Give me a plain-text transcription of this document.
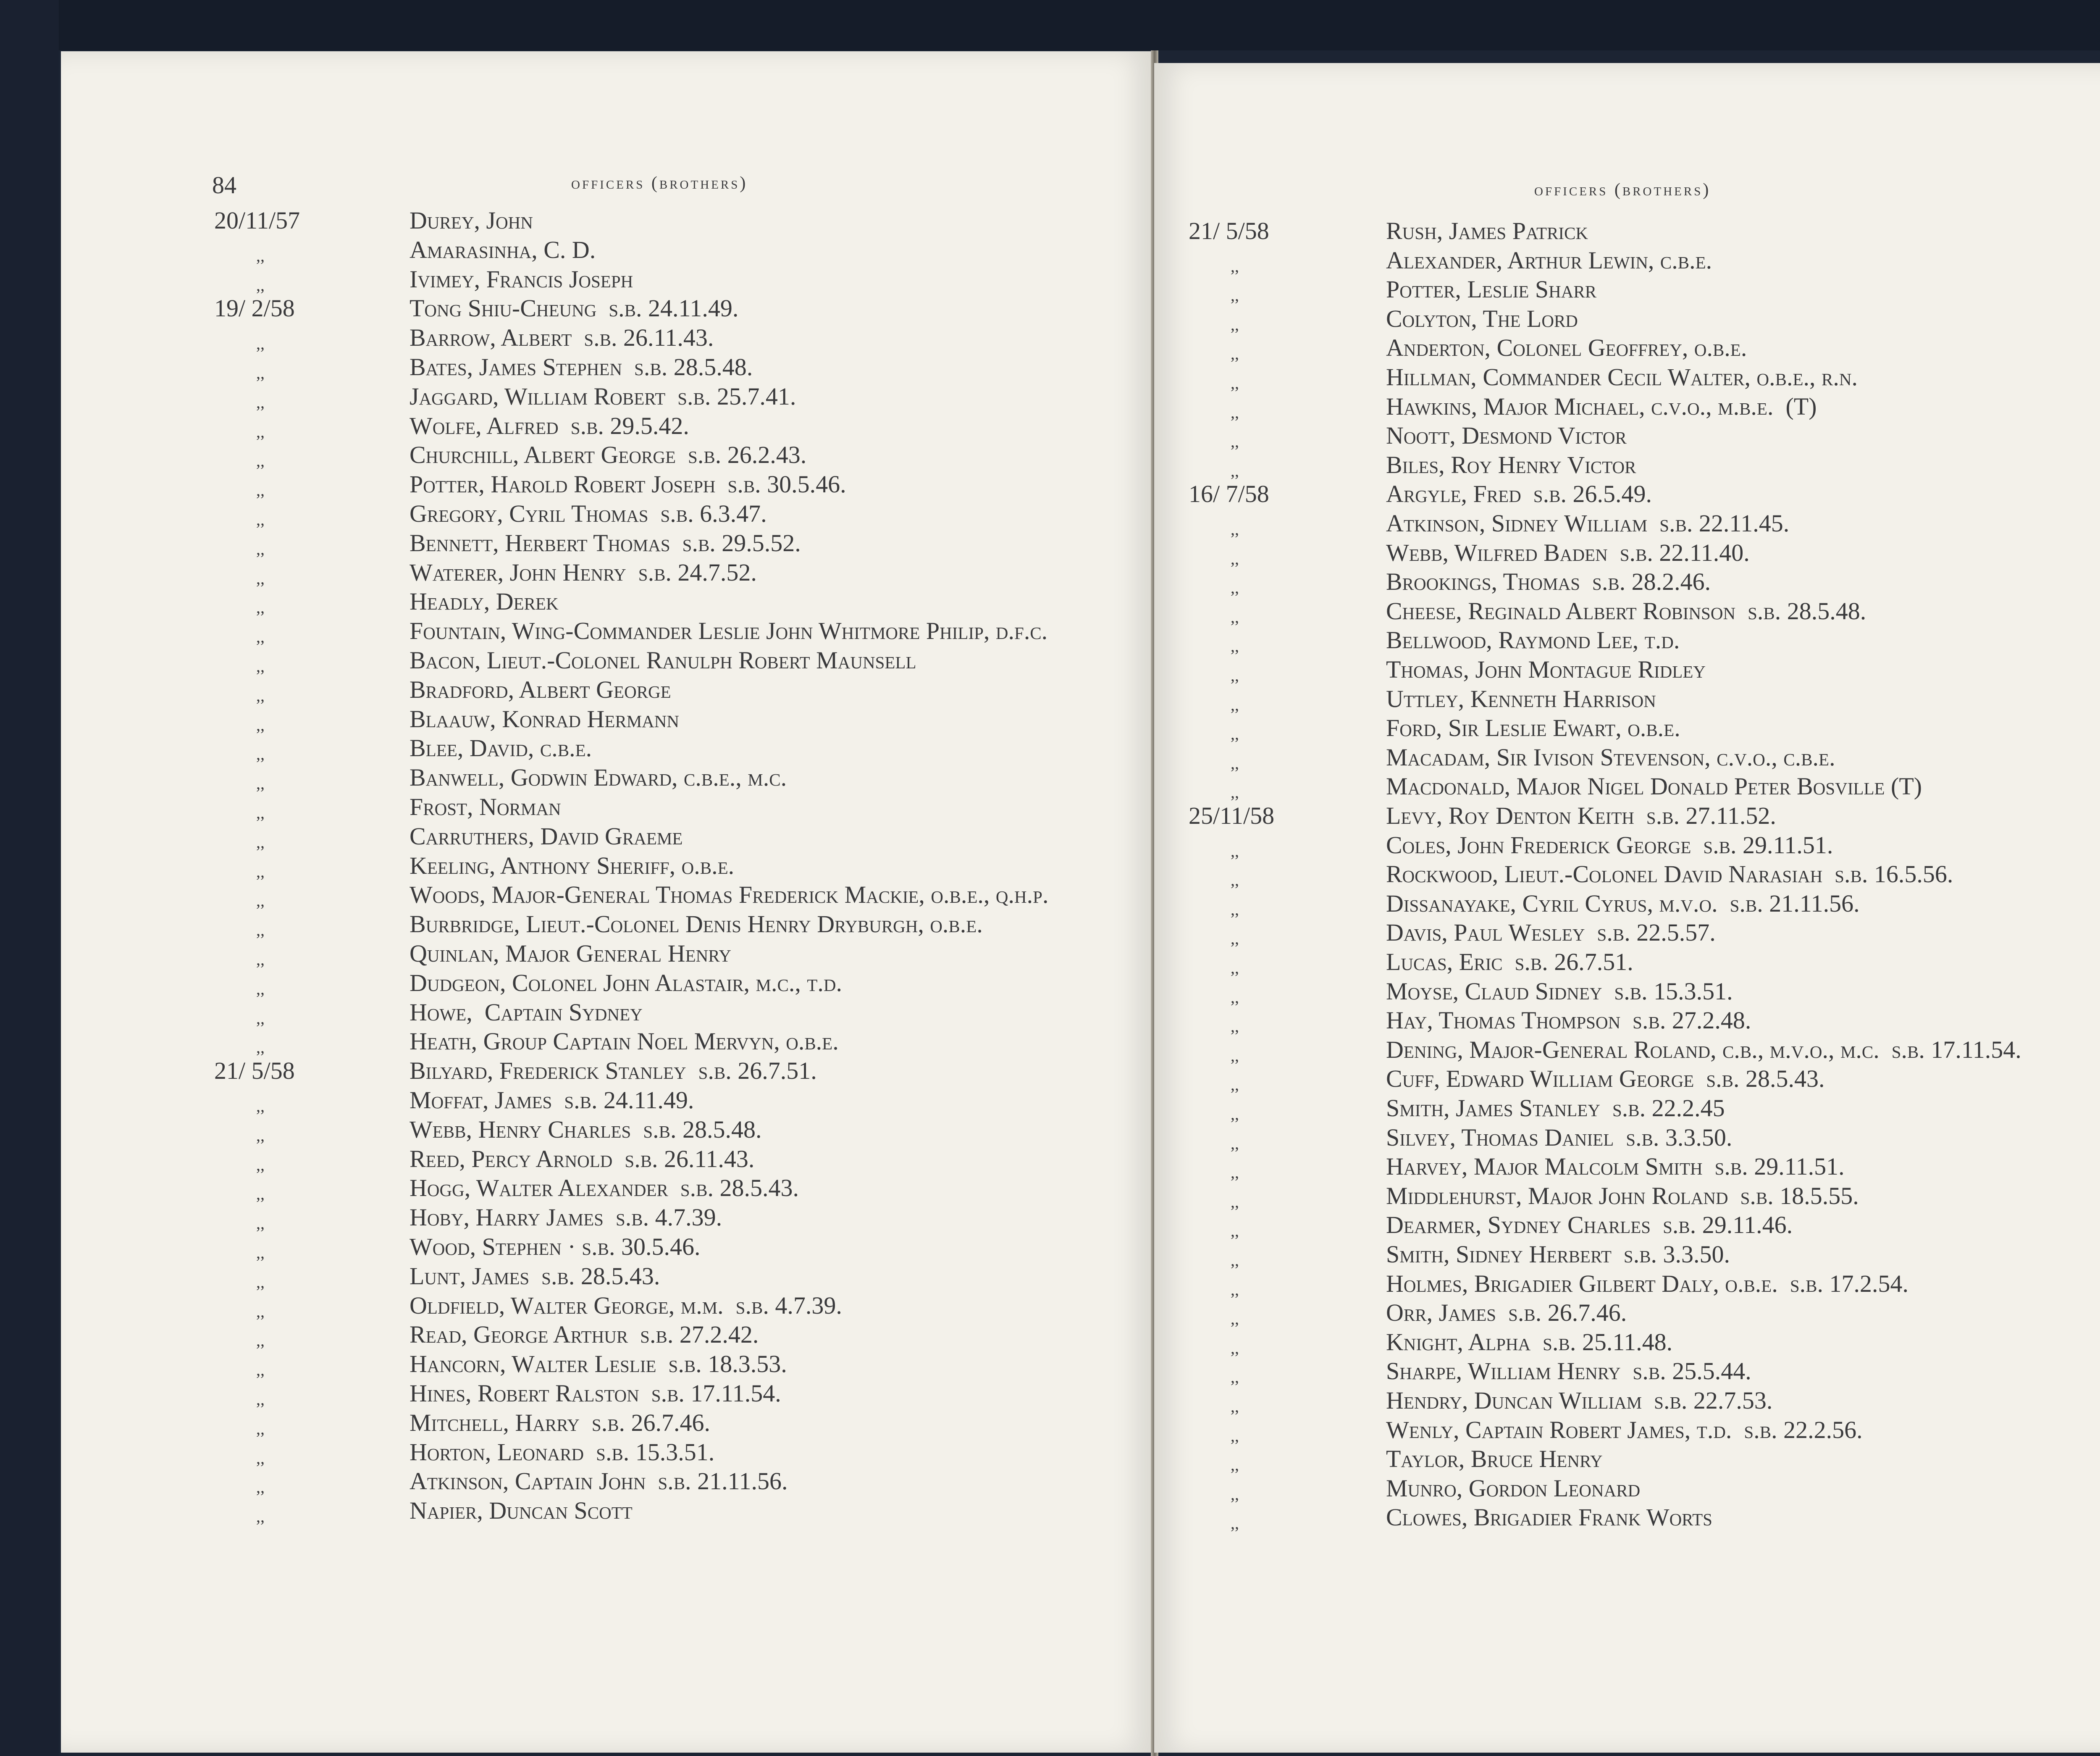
84	officers (brothers)
20/11/57	Durey, John
,,	Amarasinha, C. D.
,,	Ivimey, Francis Joseph
19/ 2/58	Tong Shiu-Cheung  s.b. 24.11.49.
,,	Barrow, Albert  s.b. 26.11.43.
,,	Bates, James Stephen  s.b. 28.5.48.
,,	Jaggard, William Robert  s.b. 25.7.41.
,,	Wolfe, Alfred  s.b. 29.5.42.
,,	Churchill, Albert George  s.b. 26.2.43.
,,	Potter, Harold Robert Joseph  s.b. 30.5.46.
,,	Gregory, Cyril Thomas  s.b. 6.3.47.
,,	Bennett, Herbert Thomas  s.b. 29.5.52.
,,	Waterer, John Henry  s.b. 24.7.52.
,,	Headly, Derek
,,	Fountain, Wing-Commander Leslie John Whitmore Philip, d.f.c.
,,	Bacon, Lieut.-Colonel Ranulph Robert Maunsell
,,	Bradford, Albert George
,,	Blaauw, Konrad Hermann
,,	Blee, David, c.b.e.
,,	Banwell, Godwin Edward, c.b.e., m.c.
,,	Frost, Norman
,,	Carruthers, David Graeme
,,	Keeling, Anthony Sheriff, o.b.e.
,,	Woods, Major-General Thomas Frederick Mackie, o.b.e., q.h.p.
,,	Burbridge, Lieut.-Colonel Denis Henry Dryburgh, o.b.e.
,,	Quinlan, Major General Henry
,,	Dudgeon, Colonel John Alastair, m.c., t.d.
,,	Howe,  Captain Sydney
,,	Heath, Group Captain Noel Mervyn, o.b.e.
21/ 5/58	Bilyard, Frederick Stanley  s.b. 26.7.51.
,,	Moffat, James  s.b. 24.11.49.
,,	Webb, Henry Charles  s.b. 28.5.48.
,,	Reed, Percy Arnold  s.b. 26.11.43.
,,	Hogg, Walter Alexander  s.b. 28.5.43.
,,	Hoby, Harry James  s.b. 4.7.39.
,,	Wood, Stephen · s.b. 30.5.46.
,,	Lunt, James  s.b. 28.5.43.
,,	Oldfield, Walter George, m.m.  s.b. 4.7.39.
,,	Read, George Arthur  s.b. 27.2.42.
,,	Hancorn, Walter Leslie  s.b. 18.3.53.
,,	Hines, Robert Ralston  s.b. 17.11.54.
,,	Mitchell, Harry  s.b. 26.7.46.
,,	Horton, Leonard  s.b. 15.3.51.
,,	Atkinson, Captain John  s.b. 21.11.56.
,,	Napier, Duncan Scott
officers (brothers)
21/ 5/58	Rush, James Patrick
,,	Alexander, Arthur Lewin, c.b.e.
,,	Potter, Leslie Sharr
,,	Colyton, The Lord
,,	Anderton, Colonel Geoffrey, o.b.e.
,,	Hillman, Commander Cecil Walter, o.b.e., r.n.
,,	Hawkins, Major Michael, c.v.o., m.b.e.  (T)
,,	Noott, Desmond Victor
,,	Biles, Roy Henry Victor
16/ 7/58	Argyle, Fred  s.b. 26.5.49.
,,	Atkinson, Sidney William  s.b. 22.11.45.
,,	Webb, Wilfred Baden  s.b. 22.11.40.
,,	Brookings, Thomas  s.b. 28.2.46.
,,	Cheese, Reginald Albert Robinson  s.b. 28.5.48.
,,	Bellwood, Raymond Lee, t.d.
,,	Thomas, John Montague Ridley
,,	Uttley, Kenneth Harrison
,,	Ford, Sir Leslie Ewart, o.b.e.
,,	Macadam, Sir Ivison Stevenson, c.v.o., c.b.e.
,,	Macdonald, Major Nigel Donald Peter Bosville (T)
25/11/58	Levy, Roy Denton Keith  s.b. 27.11.52.
,,	Coles, John Frederick George  s.b. 29.11.51.
,,	Rockwood, Lieut.-Colonel David Narasiah  s.b. 16.5.56.
,,	Dissanayake, Cyril Cyrus, m.v.o.  s.b. 21.11.56.
,,	Davis, Paul Wesley  s.b. 22.5.57.
,,	Lucas, Eric  s.b. 26.7.51.
,,	Moyse, Claud Sidney  s.b. 15.3.51.
,,	Hay, Thomas Thompson  s.b. 27.2.48.
,,	Dening, Major-General Roland, c.b., m.v.o., m.c.  s.b. 17.11.54.
,,	Cuff, Edward William George  s.b. 28.5.43.
,,	Smith, James Stanley  s.b. 22.2.45
,,	Silvey, Thomas Daniel  s.b. 3.3.50.
,,	Harvey, Major Malcolm Smith  s.b. 29.11.51.
,,	Middlehurst, Major John Roland  s.b. 18.5.55.
,,	Dearmer, Sydney Charles  s.b. 29.11.46.
,,	Smith, Sidney Herbert  s.b. 3.3.50.
,,	Holmes, Brigadier Gilbert Daly, o.b.e.  s.b. 17.2.54.
,,	Orr, James  s.b. 26.7.46.
,,	Knight, Alpha  s.b. 25.11.48.
,,	Sharpe, William Henry  s.b. 25.5.44.
,,	Hendry, Duncan William  s.b. 22.7.53.
,,	Wenly, Captain Robert James, t.d.  s.b. 22.2.56.
,,	Taylor, Bruce Henry
,,	Munro, Gordon Leonard
,,	Clowes, Brigadier Frank Worts
